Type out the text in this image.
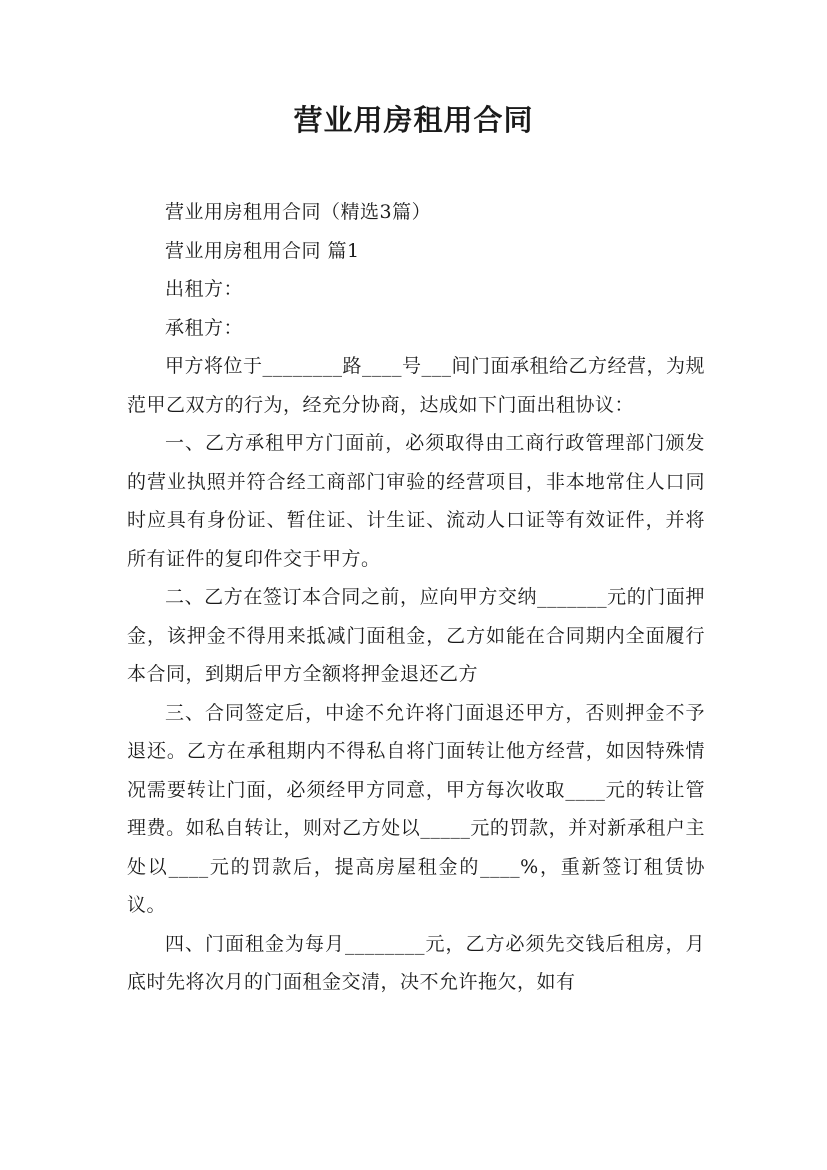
营业用房租用合同

营业用房租用合同（精选3篇）

营业用房租用合同 篇1

出租方：

承租方：

甲方将位于________路____号___间门面承租给乙方经营，为规范甲乙双方的行为，经充分协商，达成如下门面出租协议：

一、乙方承租甲方门面前，必须取得由工商行政管理部门颁发的营业执照并符合经工商部门审验的经营项目，非本地常住人口同时应具有身份证、暂住证、计生证、流动人口证等有效证件，并将所有证件的复印件交于甲方。

二、乙方在签订本合同之前，应向甲方交纳_______元的门面押金，该押金不得用来抵减门面租金，乙方如能在合同期内全面履行本合同，到期后甲方全额将押金退还乙方

三、合同签定后，中途不允许将门面退还甲方，否则押金不予退还。乙方在承租期内不得私自将门面转让他方经营，如因特殊情况需要转让门面，必须经甲方同意，甲方每次收取____元的转让管理费。如私自转让，则对乙方处以_____元的罚款，并对新承租户主处以____元的罚款后，提高房屋租金的____%，重新签订租赁协议。

四、门面租金为每月________元，乙方必须先交钱后租房，月底时先将次月的门面租金交清，决不允许拖欠，如有
